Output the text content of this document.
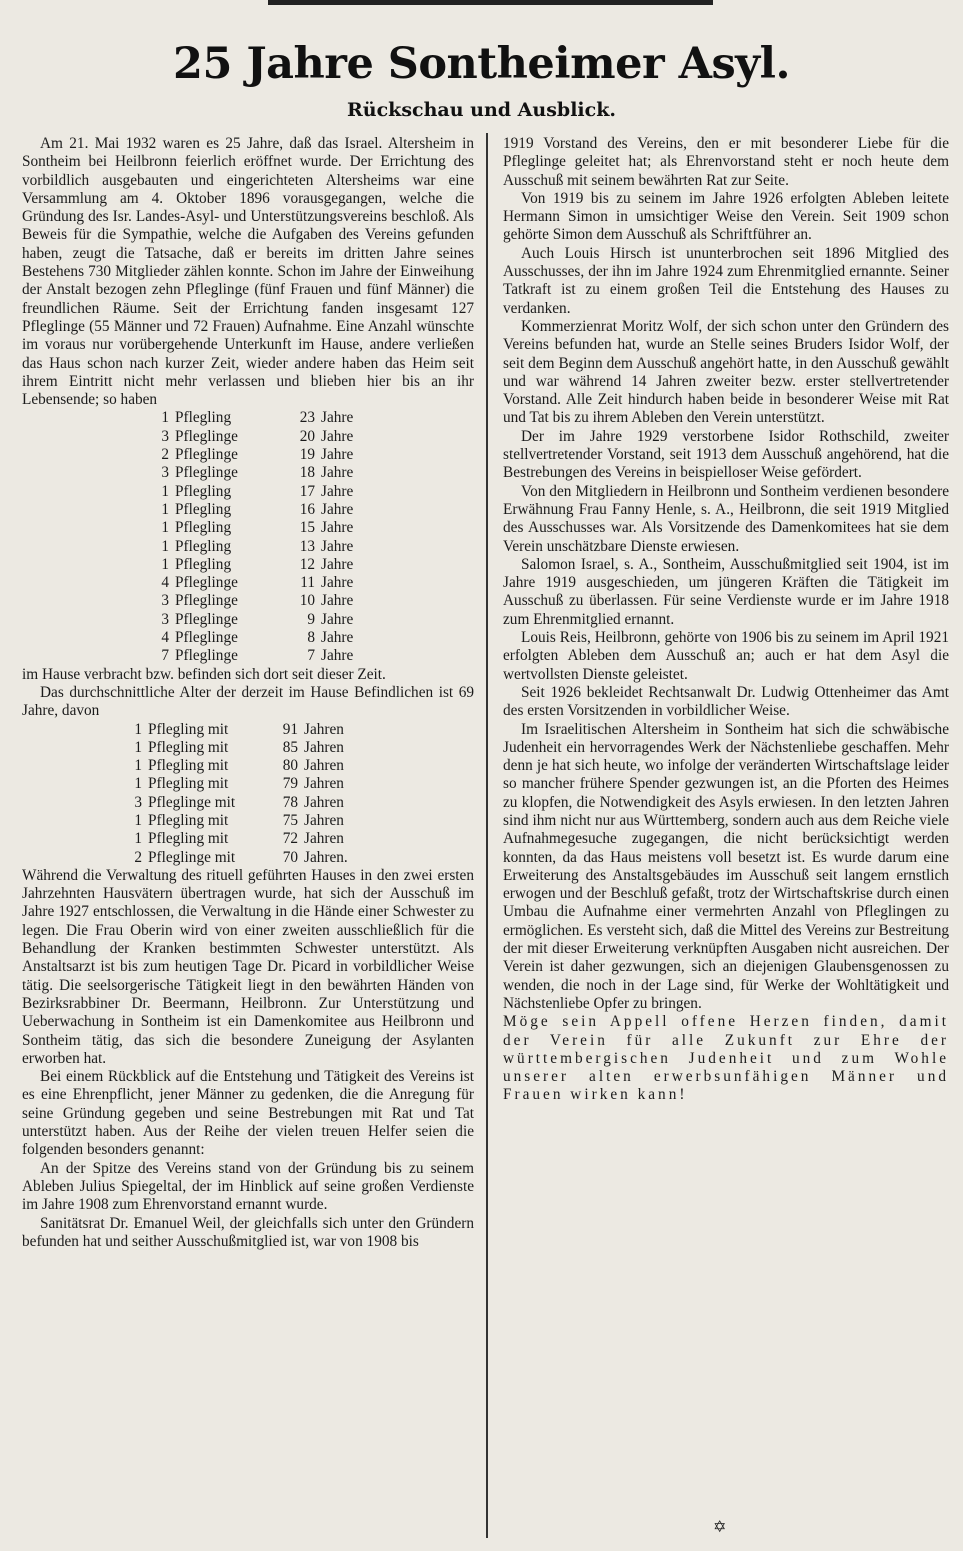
25 Jahre Sontheimer Asyl.
Rückschau und Ausblick.

Am 21. Mai 1932 waren es 25 Jahre, daß das Israel. Altersheim in Sontheim bei Heilbronn feierlich eröffnet wurde. Der Errichtung des vorbildlich ausgebauten und eingerichteten Altersheims war eine Versammlung am 4. Oktober 1896 vorausgegangen, welche die Gründung des Isr. Landes-Asyl- und Unterstützungsvereins beschloß. Als Beweis für die Sympathie, welche die Aufgaben des Vereins gefunden haben, zeugt die Tatsache, daß er bereits im dritten Jahre seines Bestehens 730 Mitglieder zählen konnte. Schon im Jahre der Einweihung der Anstalt bezogen zehn Pfleglinge (fünf Frauen und fünf Männer) die freundlichen Räume. Seit der Errichtung fanden insgesamt 127 Pfleglinge (55 Männer und 72 Frauen) Aufnahme. Eine Anzahl wünschte im voraus nur vorübergehende Unterkunft im Hause, andere verließen das Haus schon nach kurzer Zeit, wieder andere haben das Heim seit ihrem Eintritt nicht mehr verlassen und blieben hier bis an ihr Lebensende; so haben

1 Pflegling	23 Jahre
3 Pfleglinge	20 Jahre
2 Pfleglinge	19 Jahre
3 Pfleglinge	18 Jahre
1 Pflegling	17 Jahre
1 Pflegling	16 Jahre
1 Pflegling	15 Jahre
1 Pflegling	13 Jahre
1 Pflegling	12 Jahre
4 Pfleglinge	11 Jahre
3 Pfleglinge	10 Jahre
3 Pfleglinge	9 Jahre
4 Pfleglinge	8 Jahre
7 Pfleglinge	7 Jahre

im Hause verbracht bzw. befinden sich dort seit dieser Zeit.

Das durchschnittliche Alter der derzeit im Hause Befindlichen ist 69 Jahre, davon

1 Pflegling mit	91 Jahren
1 Pflegling mit	85 Jahren
1 Pflegling mit	80 Jahren
1 Pflegling mit	79 Jahren
3 Pfleglinge mit	78 Jahren
1 Pflegling mit	75 Jahren
1 Pflegling mit	72 Jahren
2 Pfleglinge mit	70 Jahren.

Während die Verwaltung des rituell geführten Hauses in den zwei ersten Jahrzehnten Hausvätern übertragen wurde, hat sich der Ausschuß im Jahre 1927 entschlossen, die Verwaltung in die Hände einer Schwester zu legen. Die Frau Oberin wird von einer zweiten ausschließlich für die Behandlung der Kranken bestimmten Schwester unterstützt. Als Anstaltsarzt ist bis zum heutigen Tage Dr. Picard in vorbildlicher Weise tätig. Die seelsorgerische Tätigkeit liegt in den bewährten Händen von Bezirksrabbiner Dr. Beermann, Heilbronn. Zur Unterstützung und Ueberwachung in Sontheim ist ein Damenkomitee aus Heilbronn und Sontheim tätig, das sich die besondere Zuneigung der Asylanten erworben hat.

Bei einem Rückblick auf die Entstehung und Tätigkeit des Vereins ist es eine Ehrenpflicht, jener Männer zu gedenken, die die Anregung für seine Gründung gegeben und seine Bestrebungen mit Rat und Tat unterstützt haben. Aus der Reihe der vielen treuen Helfer seien die folgenden besonders genannt:

An der Spitze des Vereins stand von der Gründung bis zu seinem Ableben Julius Spiegeltal, der im Hinblick auf seine großen Verdienste im Jahre 1908 zum Ehrenvorstand ernannt wurde.

Sanitätsrat Dr. Emanuel Weil, der gleichfalls sich unter den Gründern befunden hat und seither Ausschußmitglied ist, war von 1908 bis

1919 Vorstand des Vereins, den er mit besonderer Liebe für die Pfleglinge geleitet hat; als Ehrenvorstand steht er noch heute dem Ausschuß mit seinem bewährten Rat zur Seite.

Von 1919 bis zu seinem im Jahre 1926 erfolgten Ableben leitete Hermann Simon in umsichtiger Weise den Verein. Seit 1909 schon gehörte Simon dem Ausschuß als Schriftführer an.

Auch Louis Hirsch ist ununterbrochen seit 1896 Mitglied des Ausschusses, der ihn im Jahre 1924 zum Ehrenmitglied ernannte. Seiner Tatkraft ist zu einem großen Teil die Entstehung des Hauses zu verdanken.

Kommerzienrat Moritz Wolf, der sich schon unter den Gründern des Vereins befunden hat, wurde an Stelle seines Bruders Isidor Wolf, der seit dem Beginn dem Ausschuß angehört hatte, in den Ausschuß gewählt und war während 14 Jahren zweiter bezw. erster stellvertretender Vorstand. Alle Zeit hindurch haben beide in besonderer Weise mit Rat und Tat bis zu ihrem Ableben den Verein unterstützt.

Der im Jahre 1929 verstorbene Isidor Rothschild, zweiter stellvertretender Vorstand, seit 1913 dem Ausschuß angehörend, hat die Bestrebungen des Vereins in beispielloser Weise gefördert.

Von den Mitgliedern in Heilbronn und Sontheim verdienen besondere Erwähnung Frau Fanny Henle, s. A., Heilbronn, die seit 1919 Mitglied des Ausschusses war. Als Vorsitzende des Damenkomitees hat sie dem Verein unschätzbare Dienste erwiesen.

Salomon Israel, s. A., Sontheim, Ausschußmitglied seit 1904, ist im Jahre 1919 ausgeschieden, um jüngeren Kräften die Tätigkeit im Ausschuß zu überlassen. Für seine Verdienste wurde er im Jahre 1918 zum Ehrenmitglied ernannt.

Louis Reis, Heilbronn, gehörte von 1906 bis zu seinem im April 1921 erfolgten Ableben dem Ausschuß an; auch er hat dem Asyl die wertvollsten Dienste geleistet.

Seit 1926 bekleidet Rechtsanwalt Dr. Ludwig Ottenheimer das Amt des ersten Vorsitzenden in vorbildlicher Weise.

Im Israelitischen Altersheim in Sontheim hat sich die schwäbische Judenheit ein hervorragendes Werk der Nächstenliebe geschaffen. Mehr denn je hat sich heute, wo infolge der veränderten Wirtschaftslage leider so mancher frühere Spender gezwungen ist, an die Pforten des Heimes zu klopfen, die Notwendigkeit des Asyls erwiesen. In den letzten Jahren sind ihm nicht nur aus Württemberg, sondern auch aus dem Reiche viele Aufnahmegesuche zugegangen, die nicht berücksichtigt werden konnten, da das Haus meistens voll besetzt ist. Es wurde darum eine Erweiterung des Anstaltsgebäudes im Ausschuß seit langem ernstlich erwogen und der Beschluß gefaßt, trotz der Wirtschaftskrise durch einen Umbau die Aufnahme einer vermehrten Anzahl von Pfleglingen zu ermöglichen. Es versteht sich, daß die Mittel des Vereins zur Bestreitung der mit dieser Erweiterung verknüpften Ausgaben nicht ausreichen. Der Verein ist daher gezwungen, sich an diejenigen Glaubensgenossen zu wenden, die noch in der Lage sind, für Werke der Wohltätigkeit und Nächstenliebe Opfer zu bringen.

Möge sein Appell offene Herzen finden, damit der Verein für alle Zukunft zur Ehre der württembergischen Judenheit und zum Wohle unserer alten erwerbsunfähigen Männer und Frauen wirken kann!

✡
